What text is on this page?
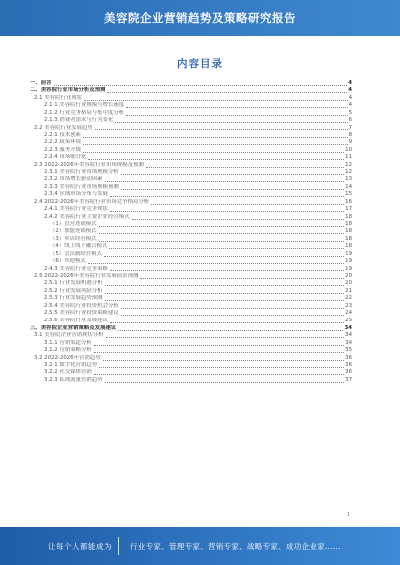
美容院企业营销趋势及策略研究报告
内容目录
一、前言	4
二、美容院行业市场分析及预测	4
2.1 美容院行业现状	4
2.1.1 美容院行业规模与增长速度	4
2.1.2 行业竞争格局与集中度分析	5
2.1.3 消费者需求与行为变化	6
2.2 美容院行业发展趋势	7
2.2.1 技术创新	8
2.2.2 政策环境	9
2.2.3 服务升级	10
2.2.4 市场细分化	11
2.3 2022-2026年美容院行业市场规模及预测	12
2.3.1 美容院行业市场规模分析	12
2.3.2 市场增长驱动因素	13
2.3.3 美容院行业市场规模预测	14
2.3.4 区域市场分布与发展	15
2.4 2022-2026年美容院行业市场竞争格局分析	16
2.4.1 美容院行业竞争现状	17
2.4.2 美容院行业主要企业经营模式	18
（1）直营连锁模式	18
（2）加盟连锁模式	18
（3）单店经营模式	18
（4）线上线下融合模式	18
（5）会员制经营模式	19
（6）其他模式	19
2.4.3 美容院行业竞争策略	19
2.5 2022-2026年美容院行业发展前景预测	20
2.5.1 行业发展机遇分析	20
2.5.2 行业发展风险分析	21
2.5.3 行业发展趋势预测	22
2.5.4 美容院行业投资机会分析	23
2.5.5 美容院行业投资策略建议	24
2.5.6 美容院行业发展建议	25
三、美容院企业营销策略及发展建议	34
3.1 美容院企业营销现状分析	34
3.1.1 营销渠道分析	34
3.1.2 营销策略分析	35
3.2 2022-2026年营销趋势	36
3.2.1 数字化营销趋势	36
3.2.2 社交媒体营销	36
3.2.3 私域流量营销趋势	37
1
让每个人都能成为 行业专家、管理专家、营销专家、战略专家、成功企业家……
